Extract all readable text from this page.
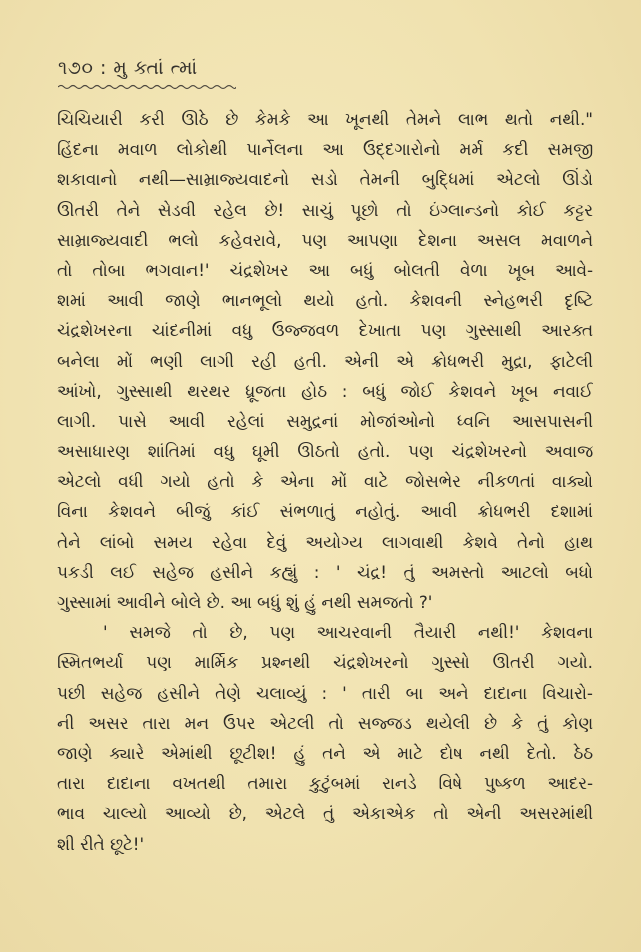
૧૭૦ : મુ ક્તાં ત્માં
ચિચિયારી કરી ઊઠે છે કેમકે આ ખૂનથી તેમને લાભ થતો નથી."
હિંદના મવાળ લોકોથી પાર્નેલના આ ઉદ્દગારોનો મર્મ કદી સમજી
શકાવાનો નથી—સામ્રાજ્યવાદનો સડો તેમની બુદ્ધિમાં એટલો ઊંડો
ઊતરી તેને સેડવી રહેલ છે! સાચું પૂછો તો ઇંગ્લાન્ડનો કોઈ કટ્ટર
સામ્રાજ્યવાદી ભલો કહેવરાવે, પણ આપણા દેશના અસલ મવાળને
તો તોબા ભગવાન!' ચંદ્રશેખર આ બધું બોલતી વેળા ખૂબ આવે-
શમાં આવી જાણે ભાનભૂલો થયો હતો. કેશવની સ્નેહભરી દૃષ્ટિ
ચંદ્રશેખરના ચાંદનીમાં વધુ ઉજ્જવળ દેખાતા પણ ગુસ્સાથી આરક્ત
બનેલા મોં ભણી લાગી રહી હતી. એની એ ક્રોધભરી મુદ્રા, ફાટેલી
આંખો, ગુસ્સાથી થરથર ધ્રૂજતા હોઠ : બધું જોઈ કેશવને ખૂબ નવાઈ
લાગી. પાસે આવી રહેલાં સમુદ્રનાં મોજાંઓનો ધ્વનિ આસપાસની
અસાધારણ શાંતિમાં વધુ ઘૂમી ઊઠતો હતો. પણ ચંદ્રશેખરનો અવાજ
એટલો વધી ગયો હતો કે એના મોં વાટે જોસભેર નીકળતાં વાક્યો
વિના કેશવને બીજું કાંઈ સંભળાતું નહોતું. આવી ક્રોધભરી દશામાં
તેને લાંબો સમય રહેવા દેવું અયોગ્ય લાગવાથી કેશવે તેનો હાથ
પકડી લઈ સહેજ હસીને કહ્યું : ' ચંદ્ર! તું અમસ્તો આટલો બધો
ગુસ્સામાં આવીને બોલે છે. આ બધું શું હું નથી સમજતો ?'
' સમજે તો છે, પણ આચરવાની તૈયારી નથી!' કેશવના
સ્મિતભર્યા પણ માર્મિક પ્રશ્નથી ચંદ્રશેખરનો ગુસ્સો ઊતરી ગયો.
પછી સહેજ હસીને તેણે ચલાવ્યું : ' તારી બા અને દાદાના વિચારો-
ની અસર તારા મન ઉપર એટલી તો સજ્જડ થયેલી છે કે તું કોણ
જાણે ક્યારે એમાંથી છૂટીશ! હું તને એ માટે દોષ નથી દેતો. ઠેઠ
તારા દાદાના વખતથી તમારા કુટુંબમાં રાનડે વિષે પુષ્કળ આદર-
ભાવ ચાલ્યો આવ્યો છે, એટલે તું એકાએક તો એની અસરમાંથી
શી રીતે છૂટે!'
